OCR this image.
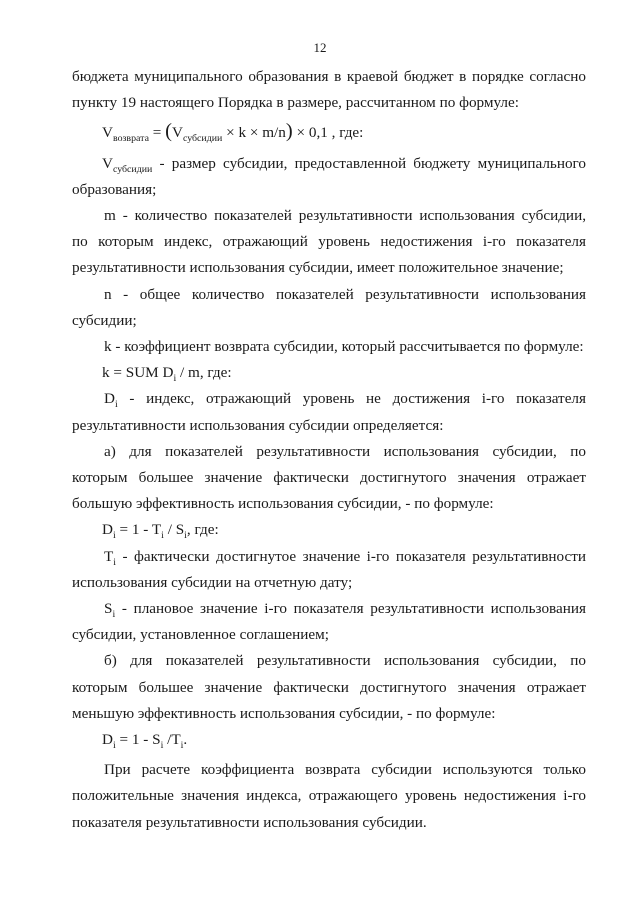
12

бюджета муниципального образования в краевой бюджет в порядке согласно пункту 19 настоящего Порядка в размере, рассчитанном по формуле:

$V_{возврата} = (V_{субсидии} \times k \times m/n) \times 0,1$ , где:

$V_{субсидии}$ - размер субсидии, предоставленной бюджету муниципального образования;

m - количество показателей результативности использования субсидии, по которым индекс, отражающий уровень недостижения i-го показателя результативности использования субсидии, имеет положительное значение;

n - общее количество показателей результативности использования субсидии;

k - коэффициент возврата субсидии, который рассчитывается по формуле:

k = SUM $D_i$ / m, где:

$D_i$ - индекс, отражающий уровень не достижения i-го показателя результативности использования субсидии определяется:

а) для показателей результативности использования субсидии, по которым большее значение фактически достигнутого значения отражает большую эффективность использования субсидии, - по формуле:

$D_i = 1 - T_i / S_i$, где:

$T_i$ - фактически достигнутое значение i-го показателя результативности использования субсидии на отчетную дату;

$S_i$ - плановое значение i-го показателя результативности использования субсидии, установленное соглашением;

б) для показателей результативности использования субсидии, по которым большее значение фактически достигнутого значения отражает меньшую эффективность использования субсидии, - по формуле:

$D_i = 1 - S_i$ $/T_i$.

При расчете коэффициента возврата субсидии используются только положительные значения индекса, отражающего уровень недостижения i-го показателя результативности использования субсидии.
